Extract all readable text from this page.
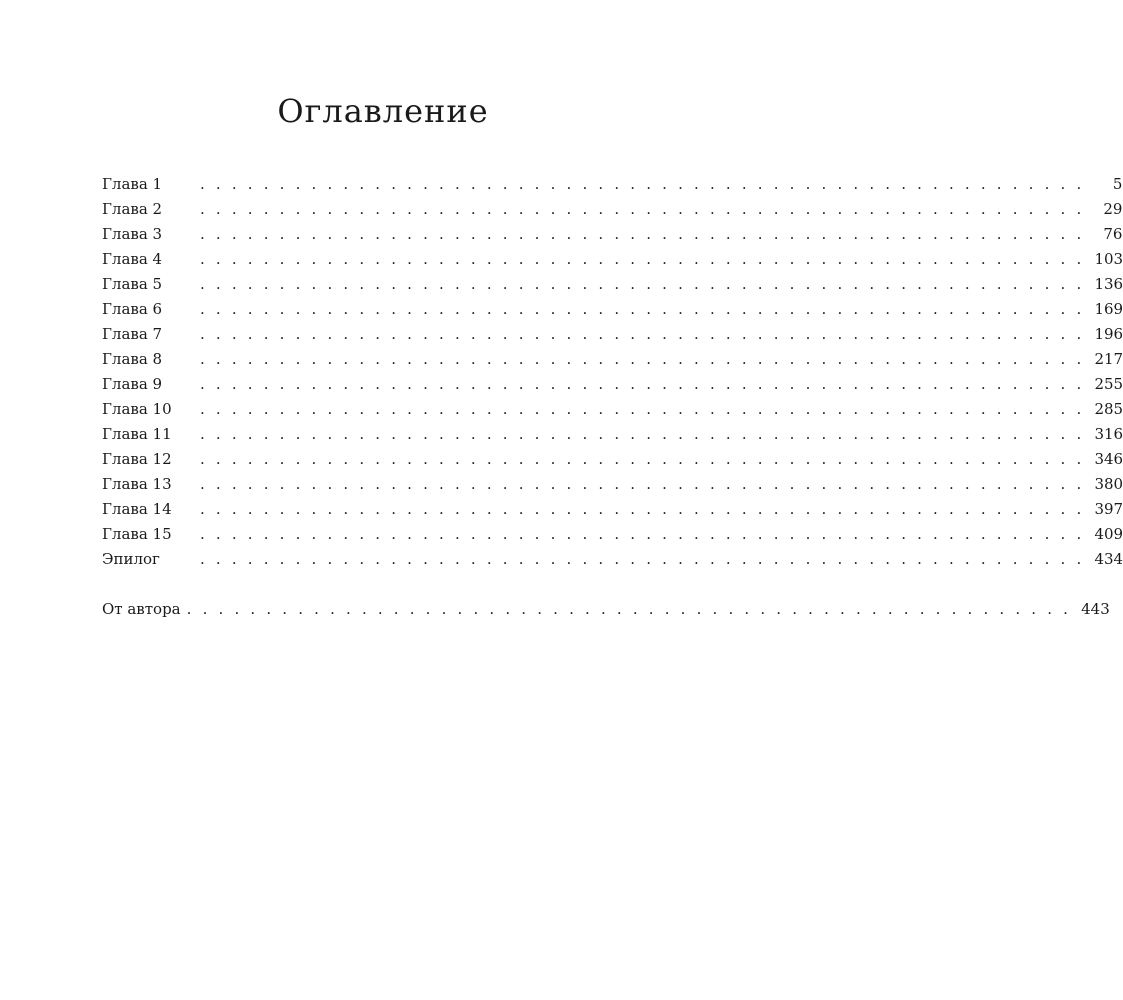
Оглавление
Глава 1	. . . . . . . . . . . . . . . . . . . . . . . . . . . . . . . . . . . . . . . . . . . . . . . . . . . . . . . .	5
Глава 2	. . . . . . . . . . . . . . . . . . . . . . . . . . . . . . . . . . . . . . . . . . . . . . . . . . . . . . . .	29
Глава 3	. . . . . . . . . . . . . . . . . . . . . . . . . . . . . . . . . . . . . . . . . . . . . . . . . . . . . . . .	76
Глава 4	. . . . . . . . . . . . . . . . . . . . . . . . . . . . . . . . . . . . . . . . . . . . . . . . . . . . . . . . 103
Глава 5	. . . . . . . . . . . . . . . . . . . . . . . . . . . . . . . . . . . . . . . . . . . . . . . . . . . . . . . . 136
Глава 6	. . . . . . . . . . . . . . . . . . . . . . . . . . . . . . . . . . . . . . . . . . . . . . . . . . . . . . . . 169
Глава 7	. . . . . . . . . . . . . . . . . . . . . . . . . . . . . . . . . . . . . . . . . . . . . . . . . . . . . . . . 196
Глава 8	. . . . . . . . . . . . . . . . . . . . . . . . . . . . . . . . . . . . . . . . . . . . . . . . . . . . . . . . 217
Глава 9	. . . . . . . . . . . . . . . . . . . . . . . . . . . . . . . . . . . . . . . . . . . . . . . . . . . . . . . . 255
Глава 10	. . . . . . . . . . . . . . . . . . . . . . . . . . . . . . . . . . . . . . . . . . . . . . . . . . . . . . . . 285
Глава 11	. . . . . . . . . . . . . . . . . . . . . . . . . . . . . . . . . . . . . . . . . . . . . . . . . . . . . . . . 316
Глава 12	. . . . . . . . . . . . . . . . . . . . . . . . . . . . . . . . . . . . . . . . . . . . . . . . . . . . . . . . 346
Глава 13	. . . . . . . . . . . . . . . . . . . . . . . . . . . . . . . . . . . . . . . . . . . . . . . . . . . . . . . . 380
Глава 14	. . . . . . . . . . . . . . . . . . . . . . . . . . . . . . . . . . . . . . . . . . . . . . . . . . . . . . . . 397
Глава 15	. . . . . . . . . . . . . . . . . . . . . . . . . . . . . . . . . . . . . . . . . . . . . . . . . . . . . . . . 409
Эпилог	. . . . . . . . . . . . . . . . . . . . . . . . . . . . . . . . . . . . . . . . . . . . . . . . . . . . . . . . 434
От автора . . . . . . . . . . . . . . . . . . . . . . . . . . . . . . . . . . . . . . . . . . . . . . . . . . . . . . . . 443
